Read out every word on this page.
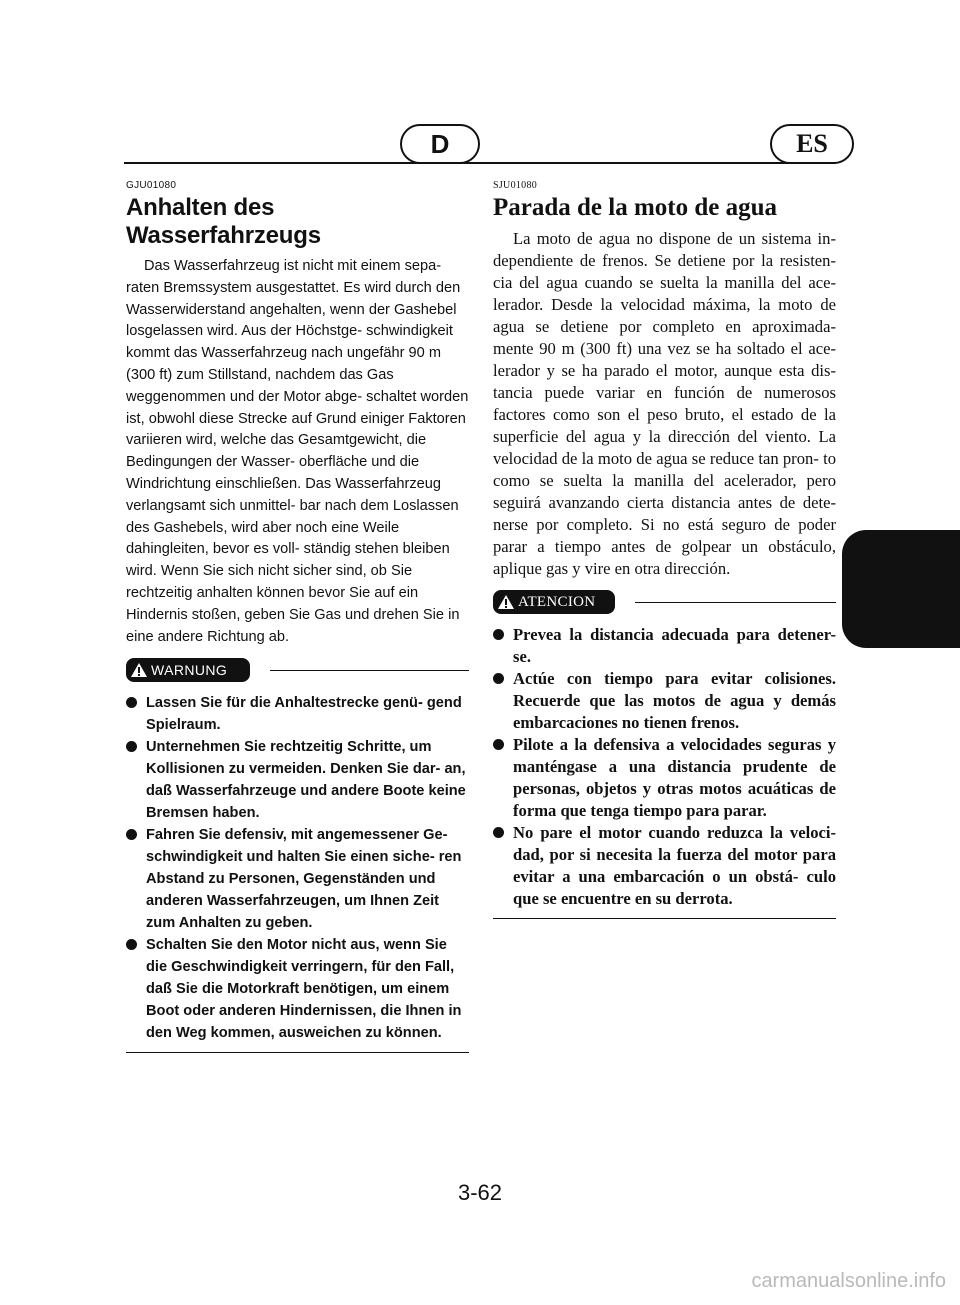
D	ES

GJU01080

Anhalten des Wasserfahrzeugs

Das Wasserfahrzeug ist nicht mit einem sepa- raten Bremssystem ausgestattet. Es wird durch den Wasserwiderstand angehalten, wenn der Gashebel losgelassen wird. Aus der Höchstge- schwindigkeit kommt das Wasserfahrzeug nach ungefähr 90 m (300 ft) zum Stillstand, nachdem das Gas weggenommen und der Motor abge- schaltet worden ist, obwohl diese Strecke auf Grund einiger Faktoren variieren wird, welche das Gesamtgewicht, die Bedingungen der Wasser- oberfläche und die Windrichtung einschließen. Das Wasserfahrzeug verlangsamt sich unmittel- bar nach dem Loslassen des Gashebels, wird aber noch eine Weile dahingleiten, bevor es voll- ständig stehen bleiben wird. Wenn Sie sich nicht sicher sind, ob Sie rechtzeitig anhalten können bevor Sie auf ein Hindernis stoßen, geben Sie Gas und drehen Sie in eine andere Richtung ab.

WARNUNG
Lassen Sie für die Anhaltestrecke genü- gend Spielraum.
Unternehmen Sie rechtzeitig Schritte, um Kollisionen zu vermeiden. Denken Sie dar- an, daß Wasserfahrzeuge und andere Boote keine Bremsen haben.
Fahren Sie defensiv, mit angemessener Ge- schwindigkeit und halten Sie einen siche- ren Abstand zu Personen, Gegenständen und anderen Wasserfahrzeugen, um Ihnen Zeit zum Anhalten zu geben.
Schalten Sie den Motor nicht aus, wenn Sie die Geschwindigkeit verringern, für den Fall, daß Sie die Motorkraft benötigen, um einem Boot oder anderen Hindernissen, die Ihnen in den Weg kommen, ausweichen zu können.

SJU01080

Parada de la moto de agua

La moto de agua no dispone de un sistema in- dependiente de frenos. Se detiene por la resisten- cia del agua cuando se suelta la manilla del ace- lerador. Desde la velocidad máxima, la moto de agua se detiene por completo en aproximada- mente 90 m (300 ft) una vez se ha soltado el ace- lerador y se ha parado el motor, aunque esta dis- tancia puede variar en función de numerosos factores como son el peso bruto, el estado de la superficie del agua y la dirección del viento. La velocidad de la moto de agua se reduce tan pron- to como se suelta la manilla del acelerador, pero seguirá avanzando cierta distancia antes de dete- nerse por completo. Si no está seguro de poder parar a tiempo antes de golpear un obstáculo, aplique gas y vire en otra dirección.

ATENCION
Prevea la distancia adecuada para detener- se.
Actúe con tiempo para evitar colisiones. Recuerde que las motos de agua y demás embarcaciones no tienen frenos.
Pilote a la defensiva a velocidades seguras y manténgase a una distancia prudente de personas, objetos y otras motos acuáticas de forma que tenga tiempo para parar.
No pare el motor cuando reduzca la veloci- dad, por si necesita la fuerza del motor para evitar a una embarcación o un obstá- culo que se encuentre en su derrota.
3-62
carmanualsonline.info
